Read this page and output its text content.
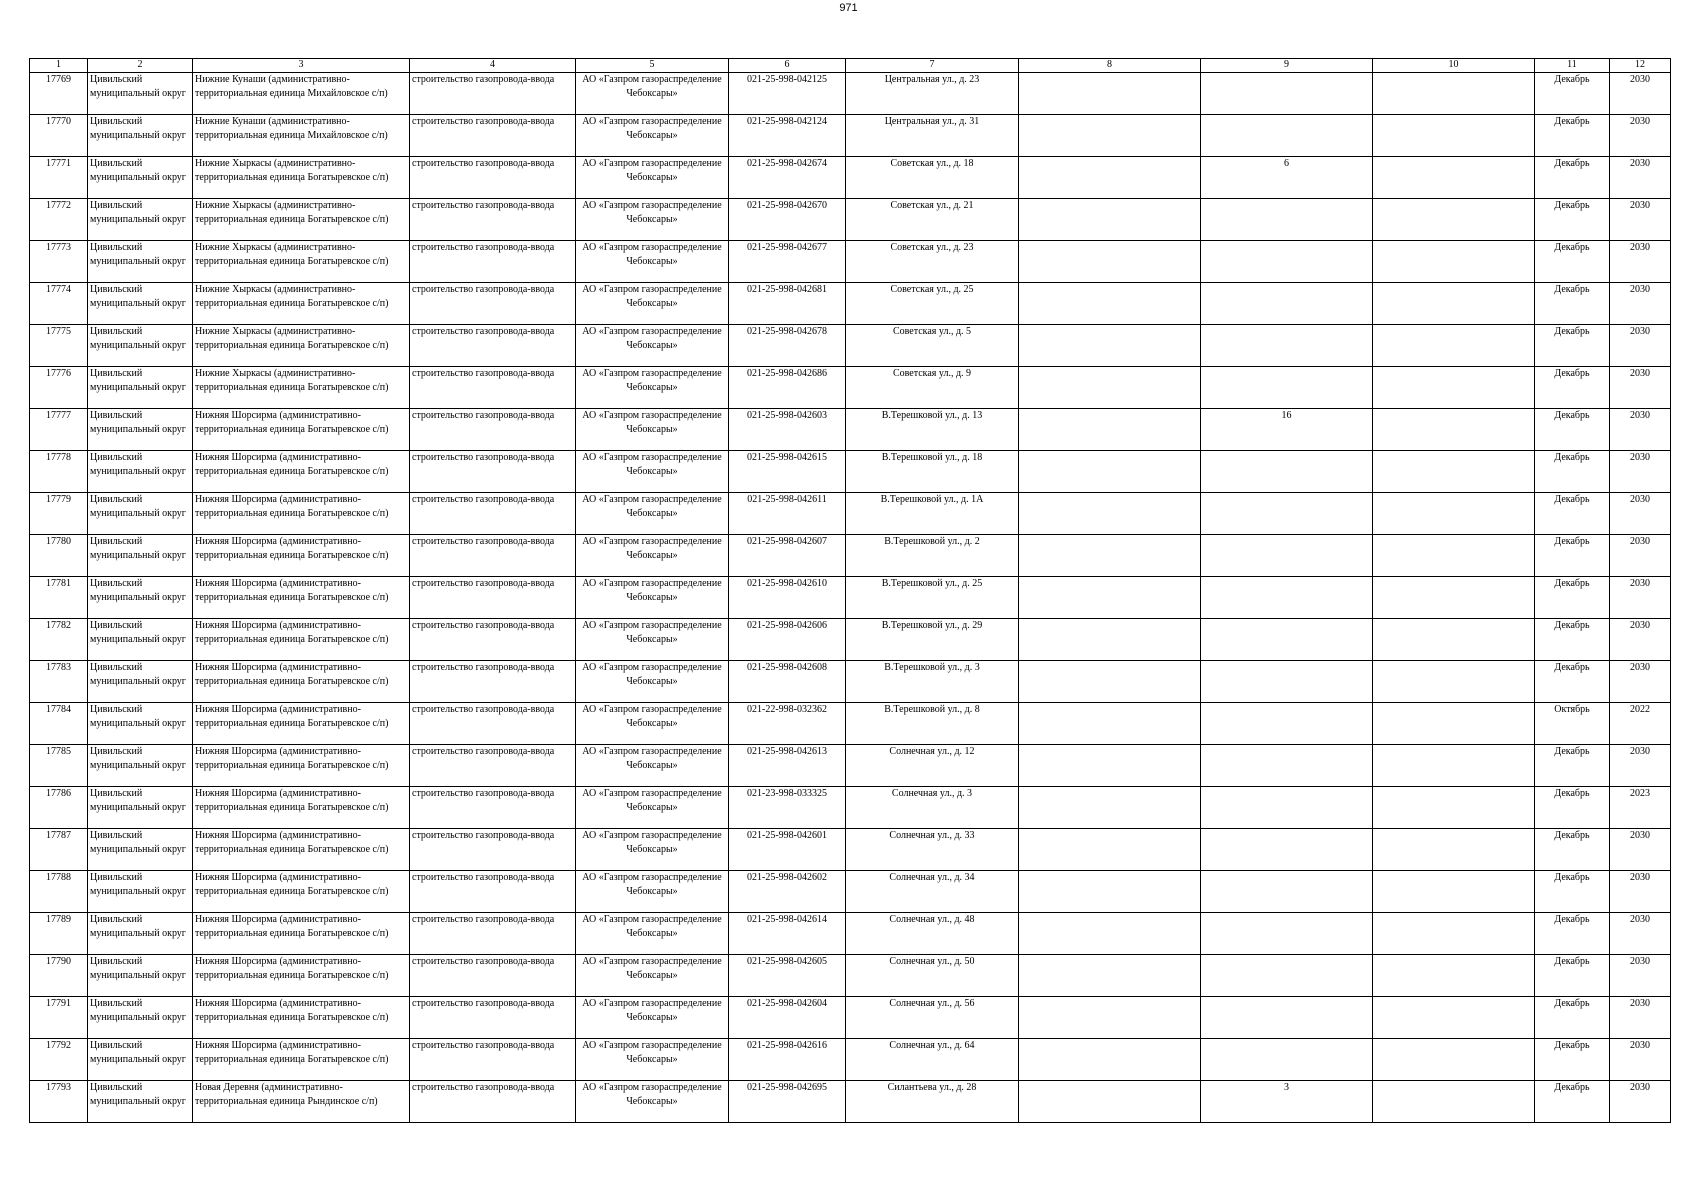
971
1	2	3	4	5	6	7	8	9	10	11	12

17769	Цивильский муниципальный округ	Нижние Кунаши (административно-территориальная единица Михайловское с/п)	строительство газопровода-ввода	АО «Газпром газораспределение Чебоксары»	021-25-998-042125	Центральная ул., д. 23				Декабрь	2030

17770	Цивильский муниципальный округ	Нижние Кунаши (административно-территориальная единица Михайловское с/п)	строительство газопровода-ввода	АО «Газпром газораспределение Чебоксары»	021-25-998-042124	Центральная ул., д. 31				Декабрь	2030

17771	Цивильский муниципальный округ	Нижние Хыркасы (административно-территориальная единица Богатыревское с/п)	строительство газопровода-ввода	АО «Газпром газораспределение Чебоксары»	021-25-998-042674	Советская ул., д. 18		6		Декабрь	2030

17772	Цивильский муниципальный округ	Нижние Хыркасы (административно-территориальная единица Богатыревское с/п)	строительство газопровода-ввода	АО «Газпром газораспределение Чебоксары»	021-25-998-042670	Советская ул., д. 21				Декабрь	2030

17773	Цивильский муниципальный округ	Нижние Хыркасы (административно-территориальная единица Богатыревское с/п)	строительство газопровода-ввода	АО «Газпром газораспределение Чебоксары»	021-25-998-042677	Советская ул., д. 23				Декабрь	2030

17774	Цивильский муниципальный округ	Нижние Хыркасы (административно-территориальная единица Богатыревское с/п)	строительство газопровода-ввода	АО «Газпром газораспределение Чебоксары»	021-25-998-042681	Советская ул., д. 25				Декабрь	2030

17775	Цивильский муниципальный округ	Нижние Хыркасы (административно-территориальная единица Богатыревское с/п)	строительство газопровода-ввода	АО «Газпром газораспределение Чебоксары»	021-25-998-042678	Советская ул., д. 5				Декабрь	2030

17776	Цивильский муниципальный округ	Нижние Хыркасы (административно-территориальная единица Богатыревское с/п)	строительство газопровода-ввода	АО «Газпром газораспределение Чебоксары»	021-25-998-042686	Советская ул., д. 9				Декабрь	2030

17777	Цивильский муниципальный округ	Нижняя Шорсирма (административно-территориальная единица Богатыревское с/п)	строительство газопровода-ввода	АО «Газпром газораспределение Чебоксары»	021-25-998-042603	В.Терешковой ул., д. 13		16		Декабрь	2030

17778	Цивильский муниципальный округ	Нижняя Шорсирма (административно-территориальная единица Богатыревское с/п)	строительство газопровода-ввода	АО «Газпром газораспределение Чебоксары»	021-25-998-042615	В.Терешковой ул., д. 18				Декабрь	2030

17779	Цивильский муниципальный округ	Нижняя Шорсирма (административно-территориальная единица Богатыревское с/п)	строительство газопровода-ввода	АО «Газпром газораспределение Чебоксары»	021-25-998-042611	В.Терешковой ул., д. 1А				Декабрь	2030

17780	Цивильский муниципальный округ	Нижняя Шорсирма (административно-территориальная единица Богатыревское с/п)	строительство газопровода-ввода	АО «Газпром газораспределение Чебоксары»	021-25-998-042607	В.Терешковой ул., д. 2				Декабрь	2030

17781	Цивильский муниципальный округ	Нижняя Шорсирма (административно-территориальная единица Богатыревское с/п)	строительство газопровода-ввода	АО «Газпром газораспределение Чебоксары»	021-25-998-042610	В.Терешковой ул., д. 25				Декабрь	2030

17782	Цивильский муниципальный округ	Нижняя Шорсирма (административно-территориальная единица Богатыревское с/п)	строительство газопровода-ввода	АО «Газпром газораспределение Чебоксары»	021-25-998-042606	В.Терешковой ул., д. 29				Декабрь	2030

17783	Цивильский муниципальный округ	Нижняя Шорсирма (административно-территориальная единица Богатыревское с/п)	строительство газопровода-ввода	АО «Газпром газораспределение Чебоксары»	021-25-998-042608	В.Терешковой ул., д. 3				Декабрь	2030

17784	Цивильский муниципальный округ	Нижняя Шорсирма (административно-территориальная единица Богатыревское с/п)	строительство газопровода-ввода	АО «Газпром газораспределение Чебоксары»	021-22-998-032362	В.Терешковой ул., д. 8				Октябрь	2022

17785	Цивильский муниципальный округ	Нижняя Шорсирма (административно-территориальная единица Богатыревское с/п)	строительство газопровода-ввода	АО «Газпром газораспределение Чебоксары»	021-25-998-042613	Солнечная ул., д. 12				Декабрь	2030

17786	Цивильский муниципальный округ	Нижняя Шорсирма (административно-территориальная единица Богатыревское с/п)	строительство газопровода-ввода	АО «Газпром газораспределение Чебоксары»	021-23-998-033325	Солнечная ул., д. 3				Декабрь	2023

17787	Цивильский муниципальный округ	Нижняя Шорсирма (административно-территориальная единица Богатыревское с/п)	строительство газопровода-ввода	АО «Газпром газораспределение Чебоксары»	021-25-998-042601	Солнечная ул., д. 33				Декабрь	2030

17788	Цивильский муниципальный округ	Нижняя Шорсирма (административно-территориальная единица Богатыревское с/п)	строительство газопровода-ввода	АО «Газпром газораспределение Чебоксары»	021-25-998-042602	Солнечная ул., д. 34				Декабрь	2030

17789	Цивильский муниципальный округ	Нижняя Шорсирма (административно-территориальная единица Богатыревское с/п)	строительство газопровода-ввода	АО «Газпром газораспределение Чебоксары»	021-25-998-042614	Солнечная ул., д. 48				Декабрь	2030

17790	Цивильский муниципальный округ	Нижняя Шорсирма (административно-территориальная единица Богатыревское с/п)	строительство газопровода-ввода	АО «Газпром газораспределение Чебоксары»	021-25-998-042605	Солнечная ул., д. 50				Декабрь	2030

17791	Цивильский муниципальный округ	Нижняя Шорсирма (административно-территориальная единица Богатыревское с/п)	строительство газопровода-ввода	АО «Газпром газораспределение Чебоксары»	021-25-998-042604	Солнечная ул., д. 56				Декабрь	2030

17792	Цивильский муниципальный округ	Нижняя Шорсирма (административно-территориальная единица Богатыревское с/п)	строительство газопровода-ввода	АО «Газпром газораспределение Чебоксары»	021-25-998-042616	Солнечная ул., д. 64				Декабрь	2030

17793	Цивильский муниципальный округ	Новая Деревня (административно-территориальная единица Рындинское с/п)	строительство газопровода-ввода	АО «Газпром газораспределение Чебоксары»	021-25-998-042695	Силантьева ул., д. 28		3		Декабрь	2030
